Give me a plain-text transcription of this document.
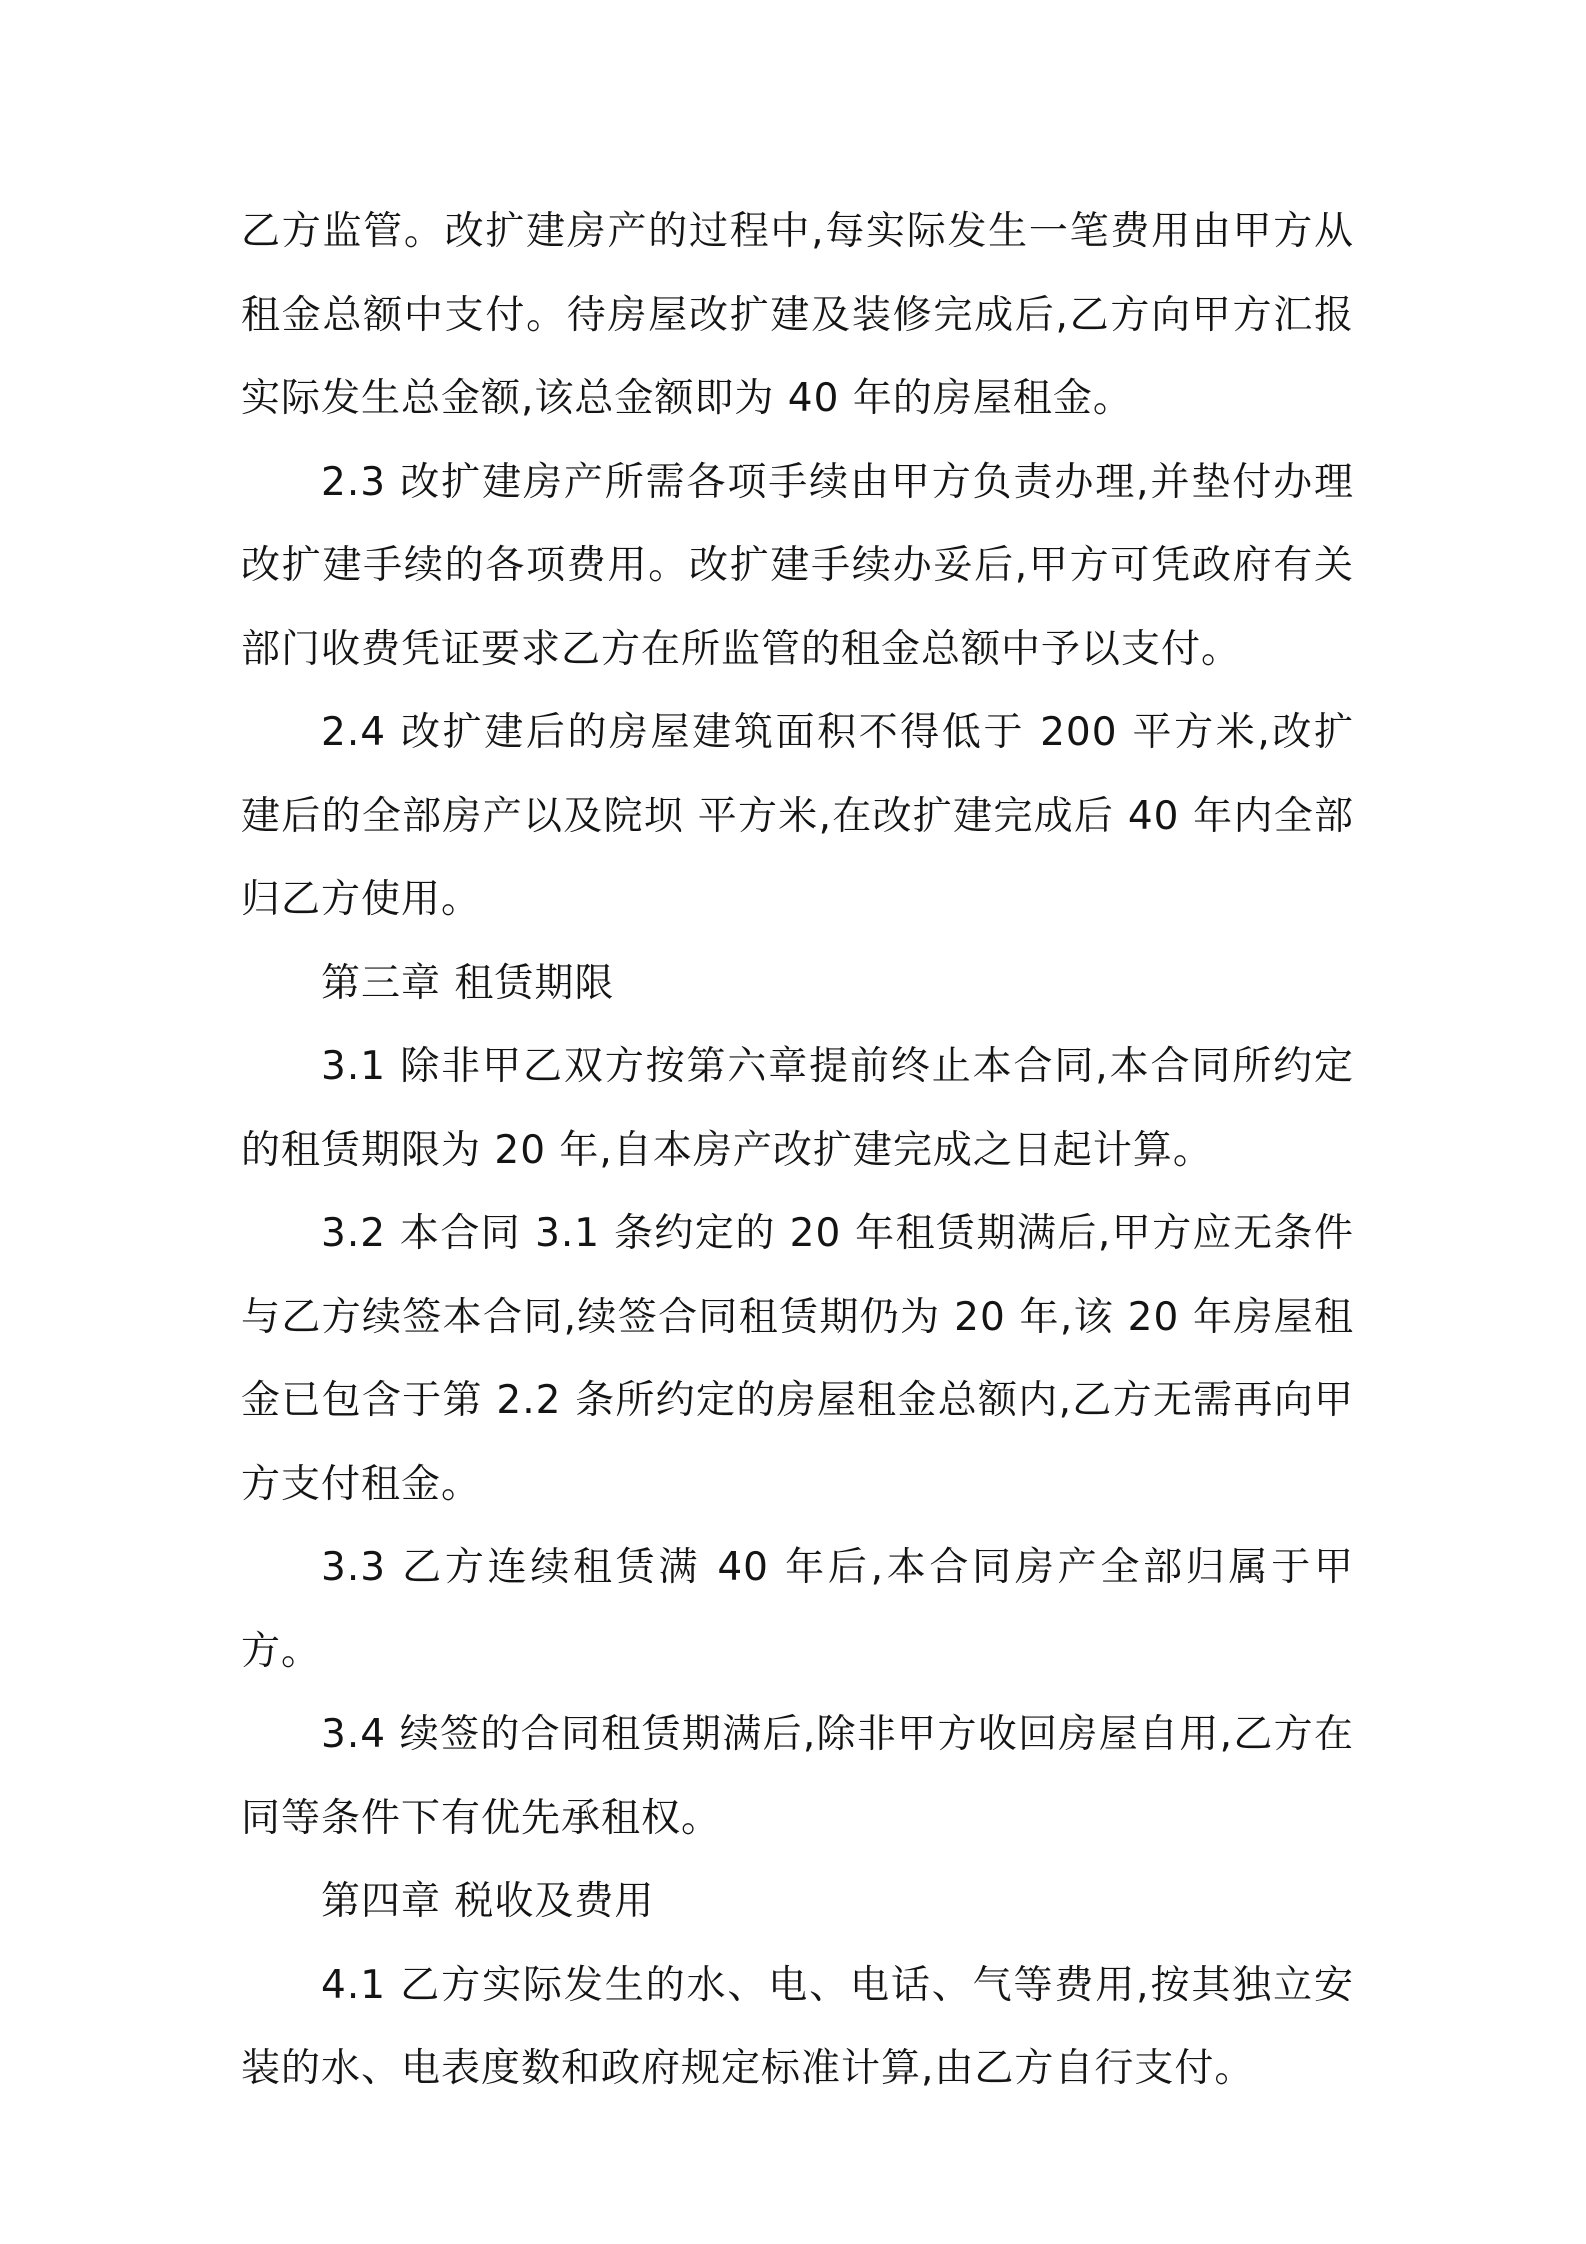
乙方监管。改扩建房产的过程中,每实际发生一笔费用由甲方从租金总额中支付。待房屋改扩建及装修完成后,乙方向甲方汇报实际发生总金额,该总金额即为 40 年的房屋租金。

2.3 改扩建房产所需各项手续由甲方负责办理,并垫付办理改扩建手续的各项费用。改扩建手续办妥后,甲方可凭政府有关部门收费凭证要求乙方在所监管的租金总额中予以支付。

2.4 改扩建后的房屋建筑面积不得低于 200 平方米,改扩建后的全部房产以及院坝 平方米,在改扩建完成后 40 年内全部归乙方使用。

第三章 租赁期限

3.1 除非甲乙双方按第六章提前终止本合同,本合同所约定的租赁期限为 20 年,自本房产改扩建完成之日起计算。

3.2 本合同 3.1 条约定的 20 年租赁期满后,甲方应无条件与乙方续签本合同,续签合同租赁期仍为 20 年,该 20 年房屋租金已包含于第 2.2 条所约定的房屋租金总额内,乙方无需再向甲方支付租金。

3.3 乙方连续租赁满 40 年后,本合同房产全部归属于甲方。

3.4 续签的合同租赁期满后,除非甲方收回房屋自用,乙方在同等条件下有优先承租权。

第四章 税收及费用

4.1 乙方实际发生的水、电、电话、气等费用,按其独立安装的水、电表度数和政府规定标准计算,由乙方自行支付。
